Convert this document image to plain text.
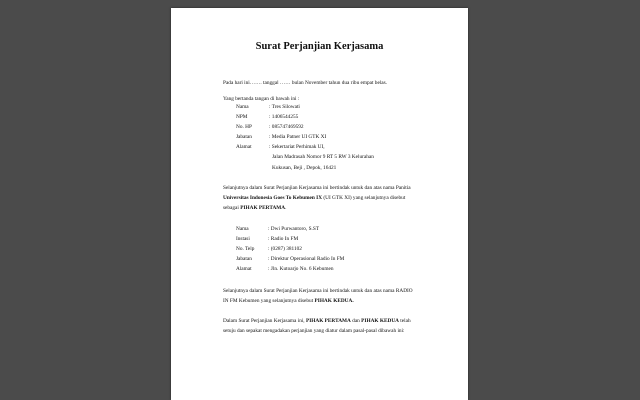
Surat Perjanjian Kerjasama

Pada hari ini……. tanggal …… bulan November tahun dua ribu empat belas.

Yang bertanda tangan di bawah ini :

Nama	: Tres Silowati
NPM	: 1406544255
No. HP	: 085747469592
Jabatan	: Media Patner UI GTK XI
Alamat	: Sekertariat Perhimak UI,

Jalan Madrasah Nomor 9 RT 5 RW 3 Kelurahan

Kukusan, Beji , Depok, 16421

Selanjutnya dalam Surat Perjanjian Kerjasama ini bertindak untuk dan atas nama Panitia

Universitas Indonesia Goes To Kebumen IX (UI GTK XI) yang selanjutnya disebut

sebagai PIHAK PERTAMA.

Nama	: Dwi Purwantoro, S.ST
Instasi	: Radio In FM
No. Telp	: (0287) 381102
Jabatan	: Direktur Operasional Radio In FM
Alamat	: Jln. Kutoarjo No. 6 Kebumen

Selanjutnya dalam Surat Perjanjian Kerjasama ini bertindak untuk dan atas nama RADIO

IN FM Kebumen yang selanjutnya disebut PIHAK KEDUA.

Dalam Surat Perjanjian Kerjasama ini, PIHAK PERTAMA dan PIHAK KEDUA telah

setuju dan sepakat mengadakan perjanjian yang diatur dalam pasal-pasal dibawah ini:
